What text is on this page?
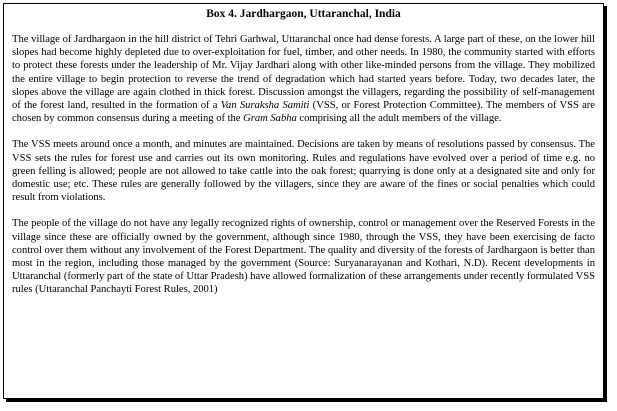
Box 4. Jardhargaon, Uttaranchal, India

The village of Jardhargaon in the hill district of Tehri Garhwal, Uttaranchal once had dense forests. A large part of these, on the lower hill slopes had become highly depleted due to over-exploitation for fuel, timber, and other needs. In 1980, the community started with efforts to protect these forests under the leadership of Mr. Vijay Jardhari along with other like-minded persons from the village. They mobilized the entire village to begin protection to reverse the trend of degradation which had started years before. Today, two decades later, the slopes above the village are again clothed in thick forest. Discussion amongst the villagers, regarding the possibility of self-management of the forest land, resulted in the formation of a Van Suraksha Samiti (VSS, or Forest Protection Committee). The members of VSS are chosen by common consensus during a meeting of the Gram Sabha comprising all the adult members of the village.

The VSS meets around once a month, and minutes are maintained. Decisions are taken by means of resolutions passed by consensus. The VSS sets the rules for forest use and carries out its own monitoring. Rules and regulations have evolved over a period of time e.g. no green felling is allowed; people are not allowed to take cattle into the oak forest; quarrying is done only at a designated site and only for domestic use; etc. These rules are generally followed by the villagers, since they are aware of the fines or social penalties which could result from violations.

The people of the village do not have any legally recognized rights of ownership, control or management over the Reserved Forests in the village since these are officially owned by the government, although since 1980, through the VSS, they have been exercising de facto control over them without any involvement of the Forest Department. The quality and diversity of the forests of Jardhargaon is better than most in the region, including those managed by the government (Source: Suryanarayanan and Kothari, N.D). Recent developments in Uttaranchal (formerly part of the state of Uttar Pradesh) have allowed formalization of these arrangements under recently formulated VSS rules (Uttaranchal Panchayti Forest Rules, 2001)
